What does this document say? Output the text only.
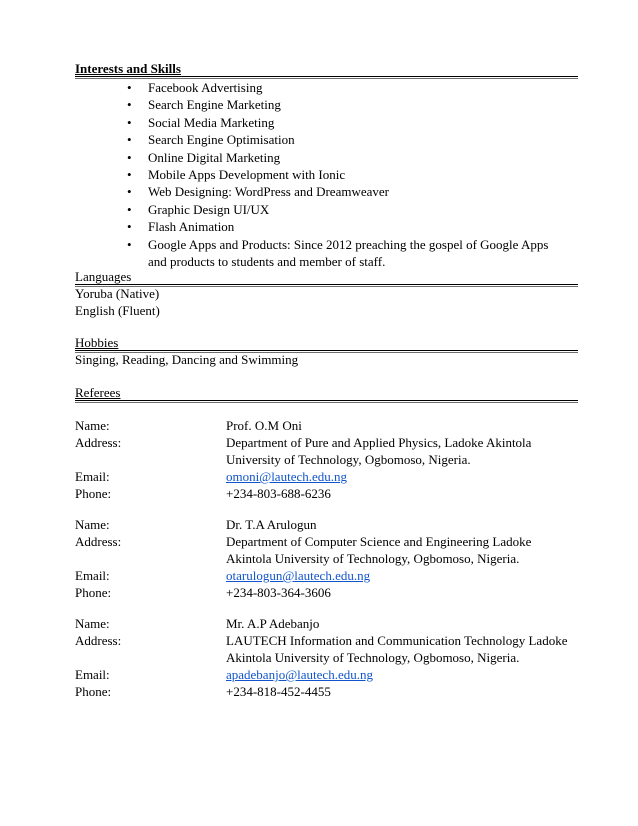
Interests and Skills
• Facebook Advertising
• Search Engine Marketing
• Social Media Marketing
• Search Engine Optimisation
• Online Digital Marketing
• Mobile Apps Development with Ionic
• Web Designing: WordPress and Dreamweaver
• Graphic Design UI/UX
• Flash Animation
• Google Apps and Products: Since 2012 preaching the gospel of Google Apps and products to students and member of staff.
Languages
Yoruba (Native)
English (Fluent)
Hobbies
Singing, Reading, Dancing and Swimming
Referees
Name:	Prof. O.M Oni
Address:	Department of Pure and Applied Physics, Ladoke Akintola
University of Technology, Ogbomoso, Nigeria.
Email:	omoni@lautech.edu.ng
Phone:	+234-803-688-6236
Name:	Dr. T.A Arulogun
Address:	Department of Computer Science and Engineering Ladoke
Akintola University of Technology, Ogbomoso, Nigeria.
Email:	otarulogun@lautech.edu.ng
Phone:	+234-803-364-3606
Name:	Mr. A.P Adebanjo
Address:	LAUTECH Information and Communication Technology Ladoke
Akintola University of Technology, Ogbomoso, Nigeria.
Email:	apadebanjo@lautech.edu.ng
Phone:	+234-818-452-4455
